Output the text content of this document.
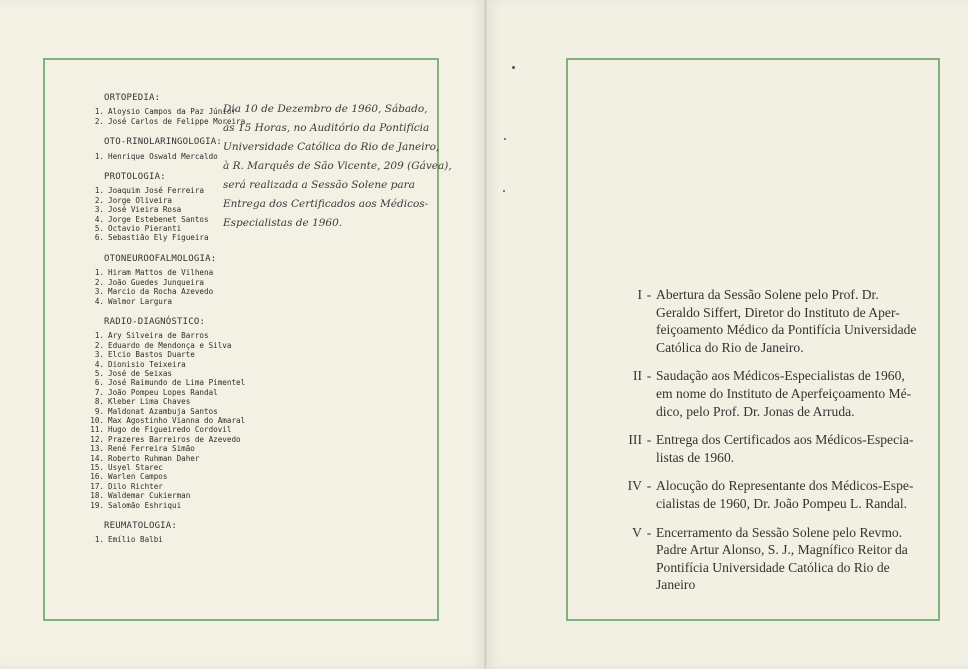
ORTOPEDIA:
1. Aloysio Campos da Paz Júnior
2. José Carlos de Felippe Moreira
OTO-RINOLARINGOLOGIA:
1. Henrique Oswald Mercaldo
PROTOLOGIA:
1. Joaquim José Ferreira
2. Jorge Oliveira
3. José Vieira Rosa
4. Jorge Estebenet Santos
5. Octavio Pieranti
6. Sebastião Ely Figueira
OTONEUROOFALMOLOGIA:
1. Hiram Mattos de Vilhena
2. João Guedes Junqueira
3. Marcio da Rocha Azevedo
4. Walmor Largura
RADIO-DIAGNÓSTICO:
1. Ary Silveira de Barros
2. Eduardo de Mendonça e Silva
3. Elcio Bastos Duarte
4. Dionisio Teixeira
5. José de Seixas
6. José Raimundo de Lima Pimentel
7. João Pompeu Lopes Randal
8. Kleber Lima Chaves
9. Maldonat Azambuja Santos
10. Max Agostinho Vianna do Amaral
11. Hugo de Figueiredo Cordovil
12. Prazeres Barreiros de Azevedo
13. René Ferreira Simão
14. Roberto Ruhman Daher
15. Usyel Starec
16. Warlen Campos
17. Dilo Richter
18. Waldemar Cukierman
19. Salomão Eshriqui
REUMATOLOGIA:
1. Emílio Balbi

Dia 10 de Dezembro de 1960, Sábado,

às 15 Horas, no Auditório da Pontifícia

Universidade Católica do Rio de Janeiro,

à R. Marquês de São Vicente, 209 (Gávea),

será realizada a Sessão Solene para

Entrega dos Certificados aos Médicos-

Especialistas de 1960.

I - Abertura da Sessão Solene pelo Prof. Dr.
Geraldo Siffert, Diretor do Instituto de Aper-
feiçoamento Médico da Pontifícia Universidade
Católica do Rio de Janeiro.
II - Saudação aos Médicos-Especialistas de 1960,
em nome do Instituto de Aperfeiçoamento Mé-
dico, pelo Prof. Dr. Jonas de Arruda.
III - Entrega dos Certificados aos Médicos-Especia-
listas de 1960.
IV - Alocução do Representante dos Médicos-Espe-
cialistas de 1960, Dr. João Pompeu L. Randal.
V - Encerramento da Sessão Solene pelo Revmo.
Padre Artur Alonso, S. J., Magnífico Reitor da
Pontifícia Universidade Católica do Rio de
Janeiro
